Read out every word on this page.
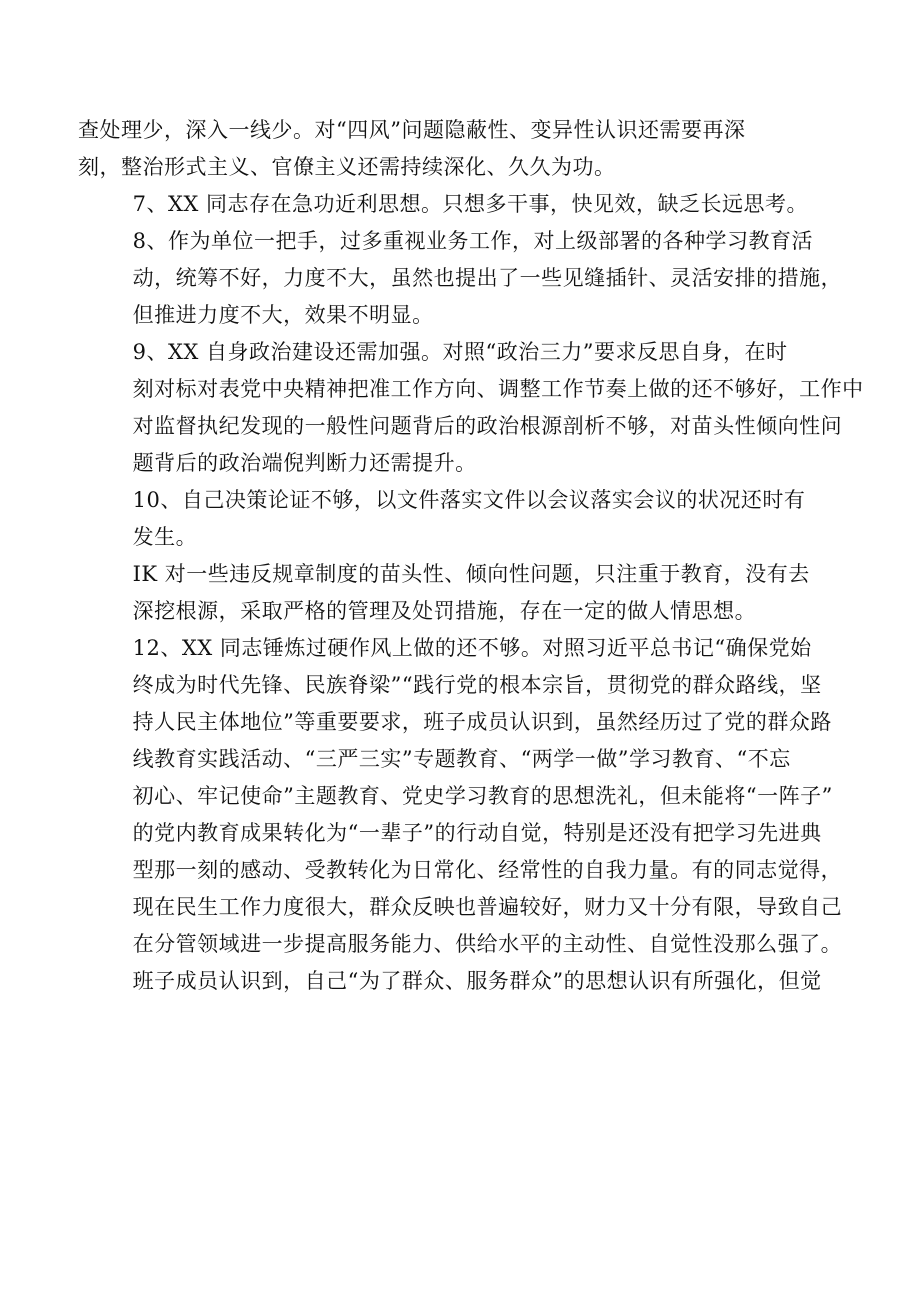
查处理少，深入一线少。对“四风”问题隐蔽性、变异性认识还需要再深
刻，整治形式主义、官僚主义还需持续深化、久久为功。

7、XX 同志存在急功近利思想。只想多干事，快见效，缺乏长远思考。

8、作为单位一把手，过多重视业务工作，对上级部署的各种学习教育活
动，统筹不好，力度不大，虽然也提出了一些见缝插针、灵活安排的措施，
但推进力度不大，效果不明显。

9、XX 自身政治建设还需加强。对照“政治三力”要求反思自身，在时
刻对标对表党中央精神把准工作方向、调整工作节奏上做的还不够好，工作中
对监督执纪发现的一般性问题背后的政治根源剖析不够，对苗头性倾向性问
题背后的政治端倪判断力还需提升。

10、自己决策论证不够，以文件落实文件以会议落实会议的状况还时有
发生。

IK 对一些违反规章制度的苗头性、倾向性问题，只注重于教育，没有去
深挖根源，采取严格的管理及处罚措施，存在一定的做人情思想。

12、XX 同志锤炼过硬作风上做的还不够。对照习近平总书记“确保党始
终成为时代先锋、民族脊梁”“践行党的根本宗旨，贯彻党的群众路线，坚
持人民主体地位”等重要要求，班子成员认识到，虽然经历过了党的群众路
线教育实践活动、“三严三实”专题教育、“两学一做”学习教育、“不忘
初心、牢记使命”主题教育、党史学习教育的思想洗礼，但未能将“一阵子”
的党内教育成果转化为“一辈子”的行动自觉，特别是还没有把学习先进典
型那一刻的感动、受教转化为日常化、经常性的自我力量。有的同志觉得，
现在民生工作力度很大，群众反映也普遍较好，财力又十分有限，导致自己
在分管领域进一步提高服务能力、供给水平的主动性、自觉性没那么强了。
班子成员认识到，自己“为了群众、服务群众”的思想认识有所强化，但觉
